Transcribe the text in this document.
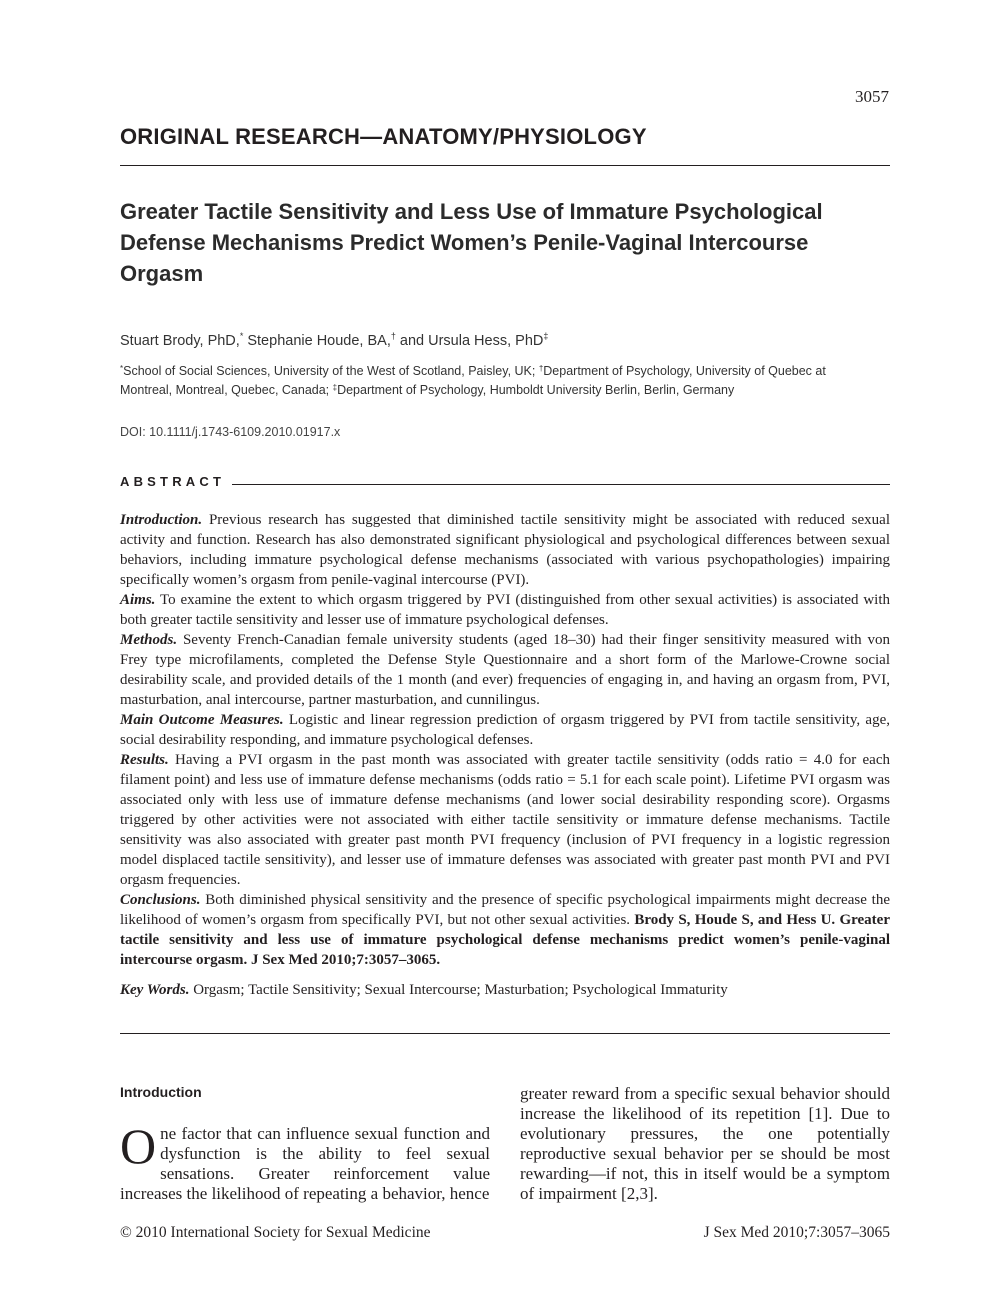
3057
ORIGINAL RESEARCH—ANATOMY/PHYSIOLOGY
Greater Tactile Sensitivity and Less Use of Immature Psychological Defense Mechanisms Predict Women’s Penile-Vaginal Intercourse Orgasm
Stuart Brody, PhD,* Stephanie Houde, BA,† and Ursula Hess, PhD‡
*School of Social Sciences, University of the West of Scotland, Paisley, UK; †Department of Psychology, University of Quebec at Montreal, Montreal, Quebec, Canada; ‡Department of Psychology, Humboldt University Berlin, Berlin, Germany
DOI: 10.1111/j.1743-6109.2010.01917.x
ABSTRACT

Introduction. Previous research has suggested that diminished tactile sensitivity might be associated with reduced sexual activity and function. Research has also demonstrated significant physiological and psychological differences between sexual behaviors, including immature psychological defense mechanisms (associated with various psychopathologies) impairing specifically women’s orgasm from penile-vaginal intercourse (PVI).

Aims. To examine the extent to which orgasm triggered by PVI (distinguished from other sexual activities) is associated with both greater tactile sensitivity and lesser use of immature psychological defenses.

Methods. Seventy French-Canadian female university students (aged 18–30) had their finger sensitivity measured with von Frey type microfilaments, completed the Defense Style Questionnaire and a short form of the Marlowe-Crowne social desirability scale, and provided details of the 1 month (and ever) frequencies of engaging in, and having an orgasm from, PVI, masturbation, anal intercourse, partner masturbation, and cunnilingus.

Main Outcome Measures. Logistic and linear regression prediction of orgasm triggered by PVI from tactile sensitivity, age, social desirability responding, and immature psychological defenses.

Results. Having a PVI orgasm in the past month was associated with greater tactile sensitivity (odds ratio = 4.0 for each filament point) and less use of immature defense mechanisms (odds ratio = 5.1 for each scale point). Lifetime PVI orgasm was associated only with less use of immature defense mechanisms (and lower social desirability responding score). Orgasms triggered by other activities were not associated with either tactile sensitivity or immature defense mechanisms. Tactile sensitivity was also associated with greater past month PVI frequency (inclusion of PVI frequency in a logistic regression model displaced tactile sensitivity), and lesser use of immature defenses was associated with greater past month PVI and PVI orgasm frequencies.

Conclusions. Both diminished physical sensitivity and the presence of specific psychological impairments might decrease the likelihood of women’s orgasm from specifically PVI, but not other sexual activities. Brody S, Houde S, and Hess U. Greater tactile sensitivity and less use of immature psychological defense mechanisms predict women’s penile-vaginal intercourse orgasm. J Sex Med 2010;7:3057–3065.

Key Words. Orgasm; Tactile Sensitivity; Sexual Intercourse; Masturbation; Psychological Immaturity
Introduction

One factor that can influence sexual function and dysfunction is the ability to feel sexual sensations. Greater reinforcement value increases the likelihood of repeating a behavior, hence

greater reward from a specific sexual behavior should increase the likelihood of its repetition [1]. Due to evolutionary pressures, the one potentially reproductive sexual behavior per se should be most rewarding—if not, this in itself would be a symptom of impairment [2,3].

© 2010 International Society for Sexual Medicine	J Sex Med 2010;7:3057–3065
